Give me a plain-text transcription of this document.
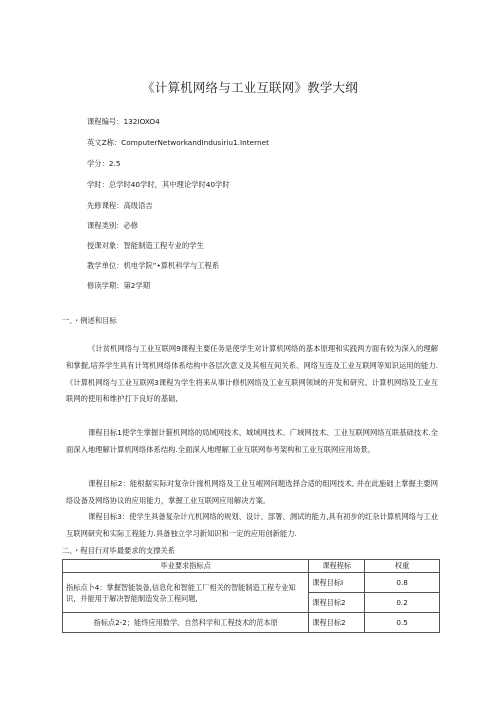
《计算机网络与工业互联网》教学大纲
课程编号：132IOXO4
英文Z称：ComputerNetworkandIndusiriu1.Internet
学分：2.5
学时：总学时40学时，其中理论学时40学时
先修课程：高级语吉
课程类别：必修
授课对象：智能制造工程专业的学生
教学单位：机电学院”•算机科学与工程系
修读学期：第2学期
一、・例述和目标
《计贫机网络与工业互联网9课程主要任务是使学生对计算机网络的基本原理和实践两方面有较为深入的理解和掌握,培养学生具有计驾机网络体系结构中各层次意义及其相互间关系、网络互连及工业互联网等知识运用的能力.《计算机网络与工业互联网3课程为学生将来从事计修机网络及工业互联网领域的开发和研究、计算机网络及工业互联网的使用和维护打下良好的基础,
课程目标1使学生掌握计箍机网络的局域网技术、城域网技术、广域网技术、工业互联网网络互联基础技术.全面深入地理解计算机网络体系结构.全面深入地理解工业互联网参考架构和工业互联网应用场景。
课程目标2：能根据实际对复杂计掾机网络及工业互岷网问题选择合适的组网技术, 并在此施础上掌握主要网络设备及网络协议的应用能力，掌握工业互联网应用解决方案,
课程目标3：使学生具备复杂计亢机网络的规划、设计、部署、测试的能力,具有初步的红杂计算机网络与工业互联网研究和实际工程能力.具备独立学习新知识和一定的应用创新能力.
二、・程目行对毕最要求的支撑关系
毕业要求指标点	课程程标	权重
指标点卜4：掌握智能装备,信息化和智能工厂相关的智能制造工程专业知识，并能用于解决智能制造发杂工程问题,	课程目标I	0.8
	课程目标2	0.2
指标点2-2；能终应用数学、自然科学和工程技术的范本原	课程目标2	0.5
